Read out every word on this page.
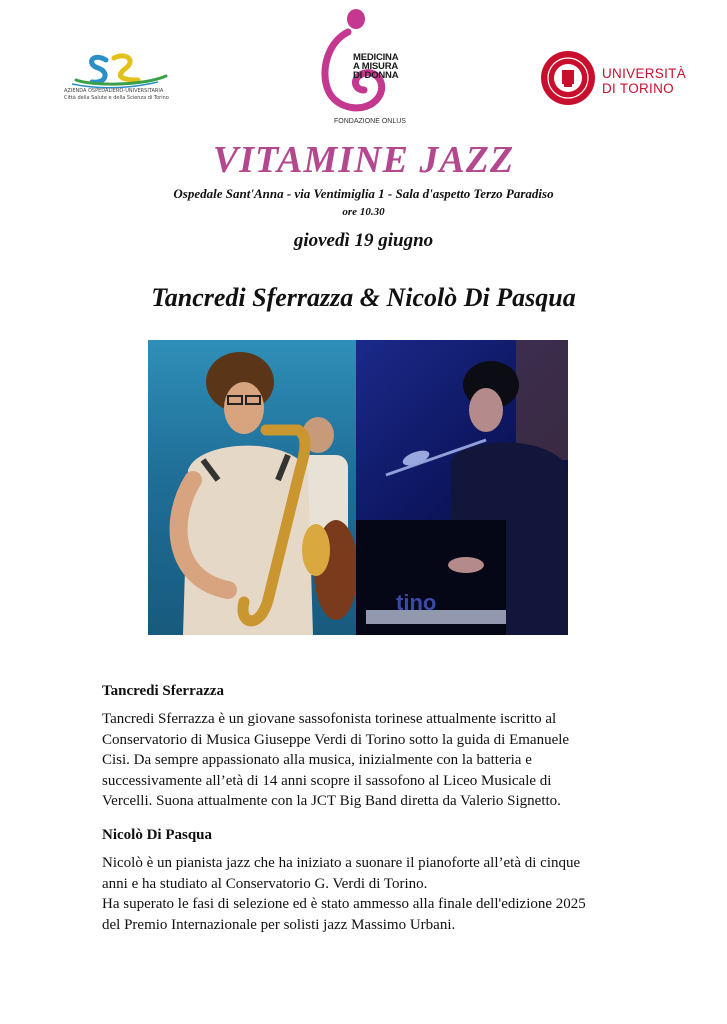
AZIENDA OSPEDALIERO-UNIVERSITARIA
Città della Salute e della Scienza di Torino
MEDICINA
A MISURA
DI DONNA
FONDAZIONE ONLUS
UNIVERSITÀ
DI TORINO
VITAMINE JAZZ
Ospedale Sant'Anna - via Ventimiglia 1 - Sala d'aspetto Terzo Paradiso
ore 10.30
giovedì 19 giugno
Tancredi Sferrazza & Nicolò Di Pasqua
tino
Tancredi Sferrazza
Tancredi Sferrazza è un giovane sassofonista torinese attualmente iscritto al
Conservatorio di Musica Giuseppe Verdi di Torino sotto la guida di Emanuele
Cisi. Da sempre appassionato alla musica, inizialmente con la batteria e
successivamente all’età di 14 anni scopre il sassofono al Liceo Musicale di
Vercelli. Suona attualmente con la JCT Big Band diretta da Valerio Signetto.
Nicolò Di Pasqua
Nicolò è un pianista jazz che ha iniziato a suonare il pianoforte all’età di cinque
anni e ha studiato al Conservatorio G. Verdi di Torino.
Ha superato le fasi di selezione ed è stato ammesso alla finale dell'edizione 2025
del Premio Internazionale per solisti jazz Massimo Urbani.
